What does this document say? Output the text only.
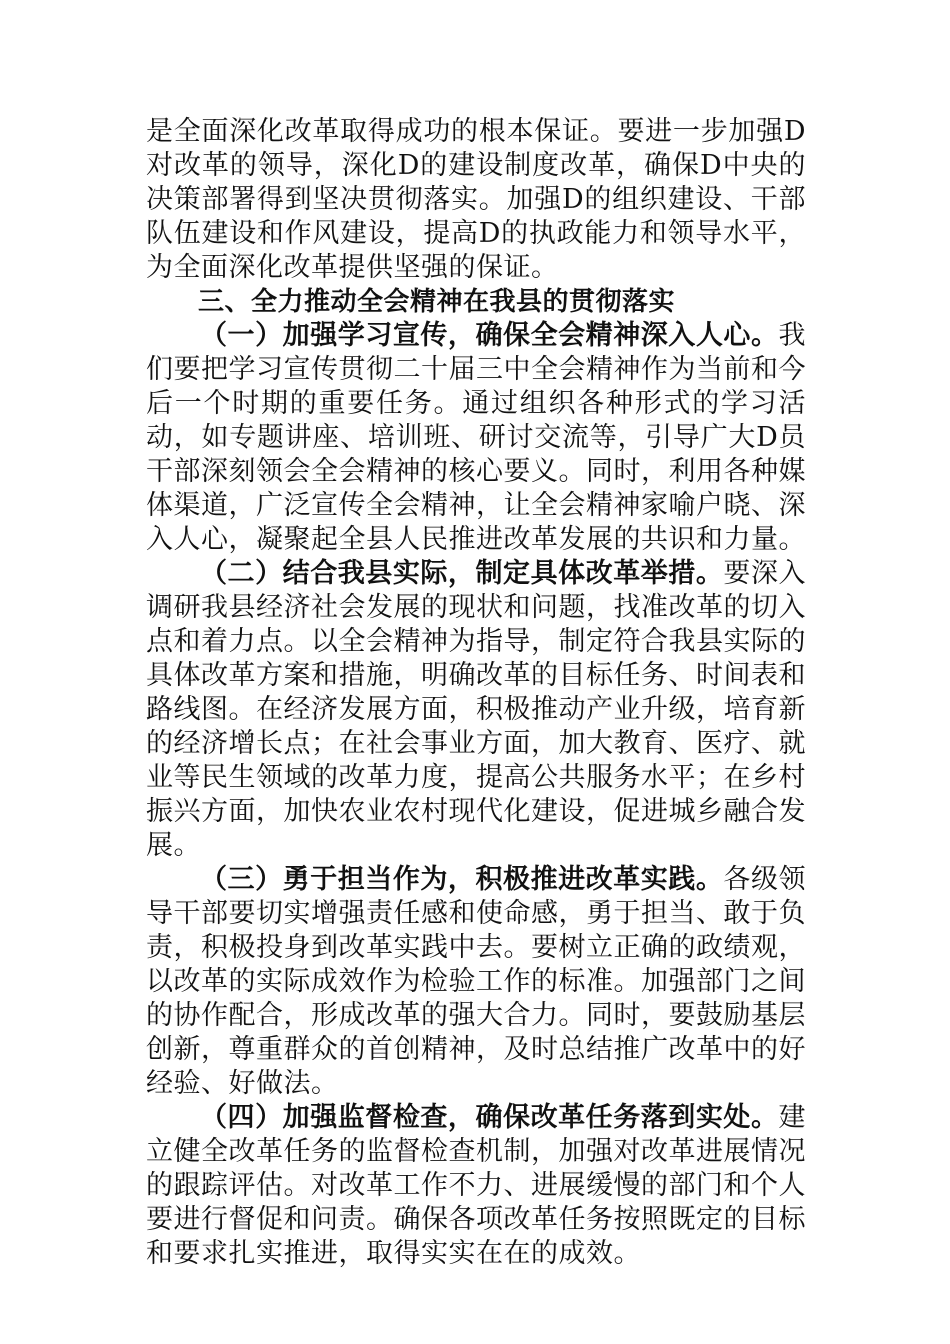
是全面深化改革取得成功的根本保证。要进一步加强D对改革的领导，深化D的建设制度改革，确保D中央的决策部署得到坚决贯彻落实。加强D的组织建设、干部队伍建设和作风建设，提高D的执政能力和领导水平，为全面深化改革提供坚强的保证。

三、全力推动全会精神在我县的贯彻落实

（一）加强学习宣传，确保全会精神深入人心。我们要把学习宣传贯彻二十届三中全会精神作为当前和今后一个时期的重要任务。通过组织各种形式的学习活动，如专题讲座、培训班、研讨交流等，引导广大D员干部深刻领会全会精神的核心要义。同时，利用各种媒体渠道，广泛宣传全会精神，让全会精神家喻户晓、深入人心，凝聚起全县人民推进改革发展的共识和力量。

（二）结合我县实际，制定具体改革举措。要深入调研我县经济社会发展的现状和问题，找准改革的切入点和着力点。以全会精神为指导，制定符合我县实际的具体改革方案和措施，明确改革的目标任务、时间表和路线图。在经济发展方面，积极推动产业升级，培育新的经济增长点；在社会事业方面，加大教育、医疗、就业等民生领域的改革力度，提高公共服务水平；在乡村振兴方面，加快农业农村现代化建设，促进城乡融合发展。

（三）勇于担当作为，积极推进改革实践。各级领导干部要切实增强责任感和使命感，勇于担当、敢于负责，积极投身到改革实践中去。要树立正确的政绩观，以改革的实际成效作为检验工作的标准。加强部门之间的协作配合，形成改革的强大合力。同时，要鼓励基层创新，尊重群众的首创精神，及时总结推广改革中的好经验、好做法。

（四）加强监督检查，确保改革任务落到实处。建立健全改革任务的监督检查机制，加强对改革进展情况的跟踪评估。对改革工作不力、进展缓慢的部门和个人要进行督促和问责。确保各项改革任务按照既定的目标和要求扎实推进，取得实实在在的成效。
